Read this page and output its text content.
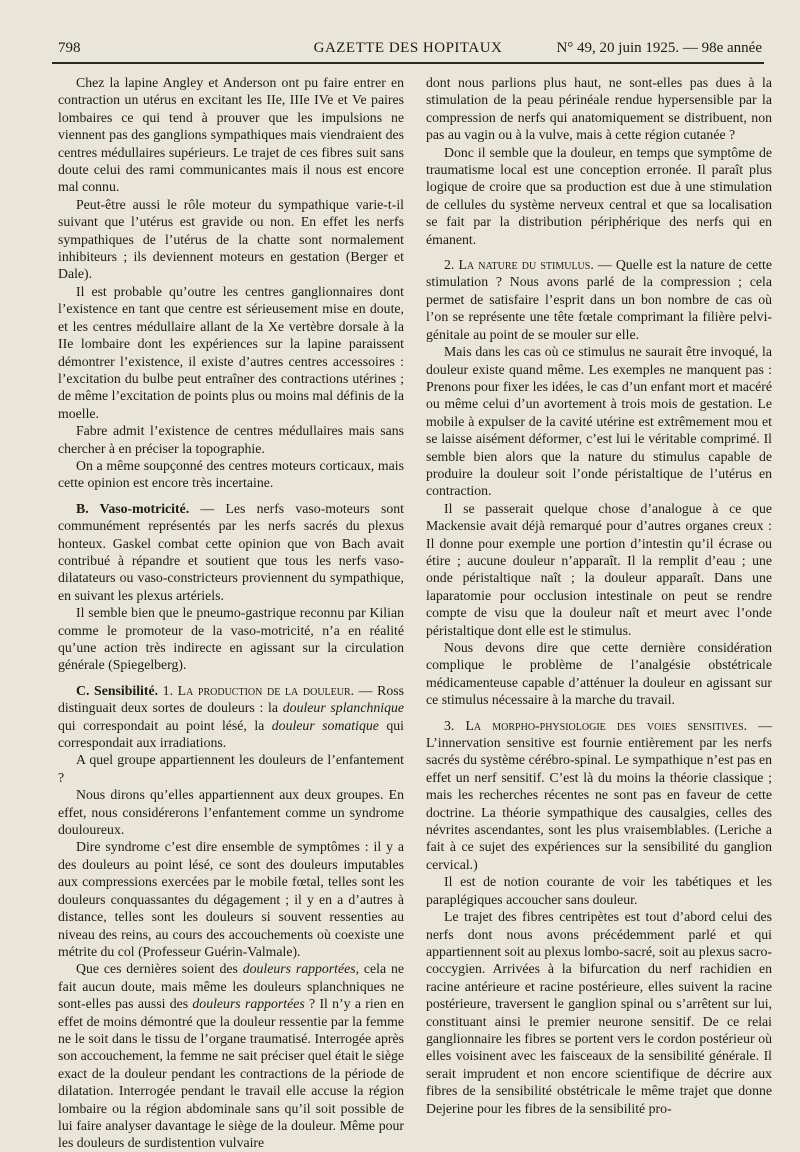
798	GAZETTE DES HOPITAUX	N° 49, 20 juin 1925. — 98e année

Chez la lapine Angley et Anderson ont pu faire entrer en contraction un utérus en excitant les IIe, IIIe IVe et Ve paires lombaires ce qui tend à prouver que les impulsions ne viennent pas des ganglions sympathiques mais viendraient des centres médullaires supérieurs. Le trajet de ces fibres suit sans doute celui des rami communicantes mais il nous est encore mal connu.

Peut-être aussi le rôle moteur du sympathique varie-t-il suivant que l’utérus est gravide ou non. En effet les nerfs sympathiques de l’utérus de la chatte sont normalement inhibiteurs ; ils deviennent moteurs en gestation (Berger et Dale).

Il est probable qu’outre les centres ganglionnaires dont l’existence en tant que centre est sérieusement mise en doute, et les centres médullaire allant de la Xe vertèbre dorsale à la IIe lombaire dont les expériences sur la lapine paraissent démontrer l’existence, il existe d’autres centres accessoires : l’excitation du bulbe peut entraîner des contractions utérines ; de même l’excitation de points plus ou moins mal définis de la moelle.

Fabre admit l’existence de centres médullaires mais sans chercher à en préciser la topographie.

On a même soupçonné des centres moteurs corticaux, mais cette opinion est encore très incertaine.

B. Vaso-motricité. — Les nerfs vaso-moteurs sont communément représentés par les nerfs sacrés du plexus honteux. Gaskel combat cette opinion que von Bach avait contribué à répandre et soutient que tous les nerfs vaso-dilatateurs ou vaso-constricteurs proviennent du sympathique, en suivant les plexus artériels.

Il semble bien que le pneumo-gastrique reconnu par Kilian comme le promoteur de la vaso-motricité, n’a en réalité qu’une action très indirecte en agissant sur la circulation générale (Spiegelberg).

C. Sensibilité. 1. La production de la douleur. — Ross distinguait deux sortes de douleurs : la douleur splanchnique qui correspondait au point lésé, la douleur somatique qui correspondait aux irradiations.

A quel groupe appartiennent les douleurs de l’enfantement ?

Nous dirons qu’elles appartiennent aux deux groupes. En effet, nous considérerons l’enfantement comme un syndrome douloureux.

Dire syndrome c’est dire ensemble de symptômes : il y a des douleurs au point lésé, ce sont des douleurs imputables aux compressions exercées par le mobile fœtal, telles sont les douleurs conquassantes du dégagement ; il y en a d’autres à distance, telles sont les douleurs si souvent ressenties au niveau des reins, au cours des accouchements où coexiste une métrite du col (Professeur Guérin-Valmale).

Que ces dernières soient des douleurs rapportées, cela ne fait aucun doute, mais même les douleurs splanchniques ne sont-elles pas aussi des douleurs rapportées ? Il n’y a rien en effet de moins démontré que la douleur ressentie par la femme ne le soit dans le tissu de l’organe traumatisé. Interrogée après son accouchement, la femme ne sait préciser quel était le siège exact de la douleur pendant les contractions de la période de dilatation. Interrogée pendant le travail elle accuse la région lombaire ou la région abdominale sans qu’il soit possible de lui faire analyser davantage le siège de la douleur. Même pour les douleurs de surdistention vulvaire

dont nous parlions plus haut, ne sont-elles pas dues à la stimulation de la peau périnéale rendue hypersensible par la compression de nerfs qui anatomiquement se distribuent, non pas au vagin ou à la vulve, mais à cette région cutanée ?

Donc il semble que la douleur, en temps que symptôme de traumatisme local est une conception erronée. Il paraît plus logique de croire que sa production est due à une stimulation de cellules du système nerveux central et que sa localisation se fait par la distribution périphérique des nerfs qui en émanent.

2. La nature du stimulus. — Quelle est la nature de cette stimulation ? Nous avons parlé de la compression ; cela permet de satisfaire l’esprit dans un bon nombre de cas où l’on se représente une tête fœtale comprimant la filière pelvi-génitale au point de se mouler sur elle.

Mais dans les cas où ce stimulus ne saurait être invoqué, la douleur existe quand même. Les exemples ne manquent pas : Prenons pour fixer les idées, le cas d’un enfant mort et macéré ou même celui d’un avortement à trois mois de gestation. Le mobile à expulser de la cavité utérine est extrêmement mou et se laisse aisément déformer, c’est lui le véritable comprimé. Il semble bien alors que la nature du stimulus capable de produire la douleur soit l’onde péristaltique de l’utérus en contraction.

Il se passerait quelque chose d’analogue à ce que Mackensie avait déjà remarqué pour d’autres organes creux : Il donne pour exemple une portion d’intestin qu’il écrase ou étire ; aucune douleur n’apparaît. Il la remplit d’eau ; une onde péristaltique naît ; la douleur apparaît. Dans une laparatomie pour occlusion intestinale on peut se rendre compte de visu que la douleur naît et meurt avec l’onde péristaltique dont elle est le stimulus.

Nous devons dire que cette dernière considération complique le problème de l’analgésie obstétricale médicamenteuse capable d’atténuer la douleur en agissant sur ce stimulus nécessaire à la marche du travail.

3. La morpho-physiologie des voies sensitives. — L’innervation sensitive est fournie entièrement par les nerfs sacrés du système cérébro-spinal. Le sympathique n’est pas en effet un nerf sensitif. C’est là du moins la théorie classique ; mais les recherches récentes ne sont pas en faveur de cette doctrine. La théorie sympathique des causalgies, celles des névrites ascendantes, sont les plus vraisemblables. (Leriche a fait à ce sujet des expériences sur la sensibilité du ganglion cervical.)

Il est de notion courante de voir les tabétiques et les paraplégiques accoucher sans douleur.

Le trajet des fibres centripètes est tout d’abord celui des nerfs dont nous avons précédemment parlé et qui appartiennent soit au plexus lombo-sacré, soit au plexus sacro-coccygien. Arrivées à la bifurcation du nerf rachidien en racine antérieure et racine postérieure, elles suivent la racine postérieure, traversent le ganglion spinal ou s’arrêtent sur lui, constituant ainsi le premier neurone sensitif. De ce relai ganglionnaire les fibres se portent vers le cordon postérieur où elles voisinent avec les faisceaux de la sensibilité générale. Il serait imprudent et non encore scientifique de décrire aux fibres de la sensibilité obstétricale le même trajet que donne Dejerine pour les fibres de la sensibilité pro-
